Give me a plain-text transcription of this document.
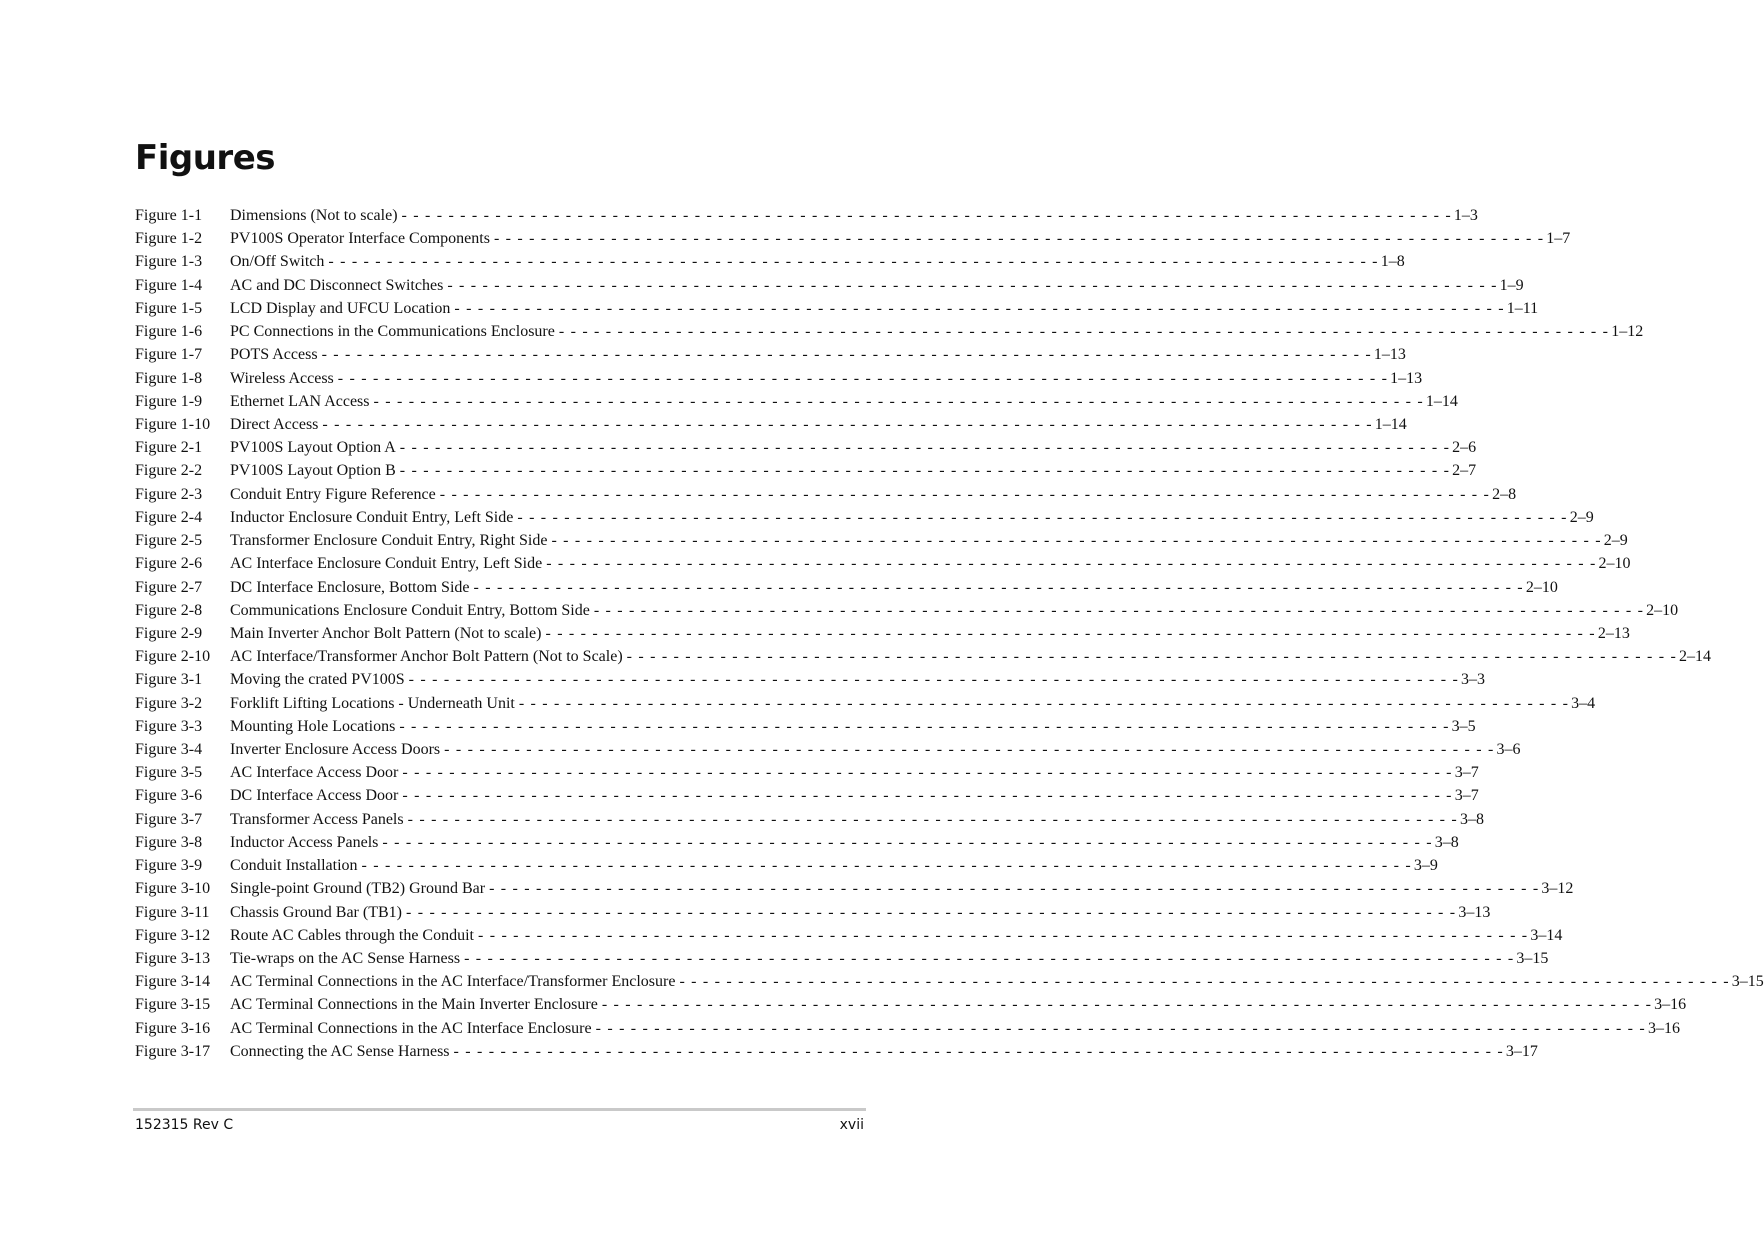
Figures
Figure 1-1	Dimensions (Not to scale) - - - - - - - - - - - - - - - - - - - - - - - - - - - - - - - - - - - - - - - - - - - - - - - - - - - - - - - - - - - - - - - - - - - - - - - - - - - - - - - - - - - - - - - - - - 1–3
Figure 1-2	PV100S Operator Interface Components - - - - - - - - - - - - - - - - - - - - - - - - - - - - - - - - - - - - - - - - - - - - - - - - - - - - - - - - - - - - - - - - - - - - - - - - - - - - - - - - - - - - - - - - - - 1–7
Figure 1-3	On/Off Switch - - - - - - - - - - - - - - - - - - - - - - - - - - - - - - - - - - - - - - - - - - - - - - - - - - - - - - - - - - - - - - - - - - - - - - - - - - - - - - - - - - - - - - - - - - 1–8
Figure 1-4	AC and DC Disconnect Switches - - - - - - - - - - - - - - - - - - - - - - - - - - - - - - - - - - - - - - - - - - - - - - - - - - - - - - - - - - - - - - - - - - - - - - - - - - - - - - - - - - - - - - - - - - 1–9
Figure 1-5	LCD Display and UFCU Location - - - - - - - - - - - - - - - - - - - - - - - - - - - - - - - - - - - - - - - - - - - - - - - - - - - - - - - - - - - - - - - - - - - - - - - - - - - - - - - - - - - - - - - - - - 1–11
Figure 1-6	PC Connections in the Communications Enclosure - - - - - - - - - - - - - - - - - - - - - - - - - - - - - - - - - - - - - - - - - - - - - - - - - - - - - - - - - - - - - - - - - - - - - - - - - - - - - - - - - - - - - - - - - - 1–12
Figure 1-7	POTS Access - - - - - - - - - - - - - - - - - - - - - - - - - - - - - - - - - - - - - - - - - - - - - - - - - - - - - - - - - - - - - - - - - - - - - - - - - - - - - - - - - - - - - - - - - - 1–13
Figure 1-8	Wireless Access - - - - - - - - - - - - - - - - - - - - - - - - - - - - - - - - - - - - - - - - - - - - - - - - - - - - - - - - - - - - - - - - - - - - - - - - - - - - - - - - - - - - - - - - - - 1–13
Figure 1-9	Ethernet LAN Access - - - - - - - - - - - - - - - - - - - - - - - - - - - - - - - - - - - - - - - - - - - - - - - - - - - - - - - - - - - - - - - - - - - - - - - - - - - - - - - - - - - - - - - - - - 1–14
Figure 1-10	Direct Access - - - - - - - - - - - - - - - - - - - - - - - - - - - - - - - - - - - - - - - - - - - - - - - - - - - - - - - - - - - - - - - - - - - - - - - - - - - - - - - - - - - - - - - - - - 1–14
Figure 2-1	PV100S Layout Option A - - - - - - - - - - - - - - - - - - - - - - - - - - - - - - - - - - - - - - - - - - - - - - - - - - - - - - - - - - - - - - - - - - - - - - - - - - - - - - - - - - - - - - - - - - 2–6
Figure 2-2	PV100S Layout Option B - - - - - - - - - - - - - - - - - - - - - - - - - - - - - - - - - - - - - - - - - - - - - - - - - - - - - - - - - - - - - - - - - - - - - - - - - - - - - - - - - - - - - - - - - - 2–7
Figure 2-3	Conduit Entry Figure Reference - - - - - - - - - - - - - - - - - - - - - - - - - - - - - - - - - - - - - - - - - - - - - - - - - - - - - - - - - - - - - - - - - - - - - - - - - - - - - - - - - - - - - - - - - - 2–8
Figure 2-4	Inductor Enclosure Conduit Entry, Left Side - - - - - - - - - - - - - - - - - - - - - - - - - - - - - - - - - - - - - - - - - - - - - - - - - - - - - - - - - - - - - - - - - - - - - - - - - - - - - - - - - - - - - - - - - - 2–9
Figure 2-5	Transformer Enclosure Conduit Entry, Right Side - - - - - - - - - - - - - - - - - - - - - - - - - - - - - - - - - - - - - - - - - - - - - - - - - - - - - - - - - - - - - - - - - - - - - - - - - - - - - - - - - - - - - - - - - - 2–9
Figure 2-6	AC Interface Enclosure Conduit Entry, Left Side - - - - - - - - - - - - - - - - - - - - - - - - - - - - - - - - - - - - - - - - - - - - - - - - - - - - - - - - - - - - - - - - - - - - - - - - - - - - - - - - - - - - - - - - - - 2–10
Figure 2-7	DC Interface Enclosure, Bottom Side - - - - - - - - - - - - - - - - - - - - - - - - - - - - - - - - - - - - - - - - - - - - - - - - - - - - - - - - - - - - - - - - - - - - - - - - - - - - - - - - - - - - - - - - - - 2–10
Figure 2-8	Communications Enclosure Conduit Entry, Bottom Side - - - - - - - - - - - - - - - - - - - - - - - - - - - - - - - - - - - - - - - - - - - - - - - - - - - - - - - - - - - - - - - - - - - - - - - - - - - - - - - - - - - - - - - - - - 2–10
Figure 2-9	Main Inverter Anchor Bolt Pattern (Not to scale) - - - - - - - - - - - - - - - - - - - - - - - - - - - - - - - - - - - - - - - - - - - - - - - - - - - - - - - - - - - - - - - - - - - - - - - - - - - - - - - - - - - - - - - - - - 2–13
Figure 2-10	AC Interface/Transformer Anchor Bolt Pattern (Not to Scale) - - - - - - - - - - - - - - - - - - - - - - - - - - - - - - - - - - - - - - - - - - - - - - - - - - - - - - - - - - - - - - - - - - - - - - - - - - - - - - - - - - - - - - - - - - 2–14
Figure 3-1	Moving the crated PV100S - - - - - - - - - - - - - - - - - - - - - - - - - - - - - - - - - - - - - - - - - - - - - - - - - - - - - - - - - - - - - - - - - - - - - - - - - - - - - - - - - - - - - - - - - - 3–3
Figure 3-2	Forklift Lifting Locations - Underneath Unit - - - - - - - - - - - - - - - - - - - - - - - - - - - - - - - - - - - - - - - - - - - - - - - - - - - - - - - - - - - - - - - - - - - - - - - - - - - - - - - - - - - - - - - - - - 3–4
Figure 3-3	Mounting Hole Locations - - - - - - - - - - - - - - - - - - - - - - - - - - - - - - - - - - - - - - - - - - - - - - - - - - - - - - - - - - - - - - - - - - - - - - - - - - - - - - - - - - - - - - - - - - 3–5
Figure 3-4	Inverter Enclosure Access Doors - - - - - - - - - - - - - - - - - - - - - - - - - - - - - - - - - - - - - - - - - - - - - - - - - - - - - - - - - - - - - - - - - - - - - - - - - - - - - - - - - - - - - - - - - - 3–6
Figure 3-5	AC Interface Access Door - - - - - - - - - - - - - - - - - - - - - - - - - - - - - - - - - - - - - - - - - - - - - - - - - - - - - - - - - - - - - - - - - - - - - - - - - - - - - - - - - - - - - - - - - - 3–7
Figure 3-6	DC Interface Access Door - - - - - - - - - - - - - - - - - - - - - - - - - - - - - - - - - - - - - - - - - - - - - - - - - - - - - - - - - - - - - - - - - - - - - - - - - - - - - - - - - - - - - - - - - - 3–7
Figure 3-7	Transformer Access Panels - - - - - - - - - - - - - - - - - - - - - - - - - - - - - - - - - - - - - - - - - - - - - - - - - - - - - - - - - - - - - - - - - - - - - - - - - - - - - - - - - - - - - - - - - - 3–8
Figure 3-8	Inductor Access Panels - - - - - - - - - - - - - - - - - - - - - - - - - - - - - - - - - - - - - - - - - - - - - - - - - - - - - - - - - - - - - - - - - - - - - - - - - - - - - - - - - - - - - - - - - - 3–8
Figure 3-9	Conduit Installation - - - - - - - - - - - - - - - - - - - - - - - - - - - - - - - - - - - - - - - - - - - - - - - - - - - - - - - - - - - - - - - - - - - - - - - - - - - - - - - - - - - - - - - - - - 3–9
Figure 3-10	Single-point Ground (TB2) Ground Bar - - - - - - - - - - - - - - - - - - - - - - - - - - - - - - - - - - - - - - - - - - - - - - - - - - - - - - - - - - - - - - - - - - - - - - - - - - - - - - - - - - - - - - - - - - 3–12
Figure 3-11	Chassis Ground Bar (TB1) - - - - - - - - - - - - - - - - - - - - - - - - - - - - - - - - - - - - - - - - - - - - - - - - - - - - - - - - - - - - - - - - - - - - - - - - - - - - - - - - - - - - - - - - - - 3–13
Figure 3-12	Route AC Cables through the Conduit - - - - - - - - - - - - - - - - - - - - - - - - - - - - - - - - - - - - - - - - - - - - - - - - - - - - - - - - - - - - - - - - - - - - - - - - - - - - - - - - - - - - - - - - - - 3–14
Figure 3-13	Tie-wraps on the AC Sense Harness - - - - - - - - - - - - - - - - - - - - - - - - - - - - - - - - - - - - - - - - - - - - - - - - - - - - - - - - - - - - - - - - - - - - - - - - - - - - - - - - - - - - - - - - - - 3–15
Figure 3-14	AC Terminal Connections in the AC Interface/Transformer Enclosure - - - - - - - - - - - - - - - - - - - - - - - - - - - - - - - - - - - - - - - - - - - - - - - - - - - - - - - - - - - - - - - - - - - - - - - - - - - - - - - - - - - - - - - - - - 3–15
Figure 3-15	AC Terminal Connections in the Main Inverter Enclosure - - - - - - - - - - - - - - - - - - - - - - - - - - - - - - - - - - - - - - - - - - - - - - - - - - - - - - - - - - - - - - - - - - - - - - - - - - - - - - - - - - - - - - - - - - 3–16
Figure 3-16	AC Terminal Connections in the AC Interface Enclosure - - - - - - - - - - - - - - - - - - - - - - - - - - - - - - - - - - - - - - - - - - - - - - - - - - - - - - - - - - - - - - - - - - - - - - - - - - - - - - - - - - - - - - - - - - 3–16
Figure 3-17	Connecting the AC Sense Harness - - - - - - - - - - - - - - - - - - - - - - - - - - - - - - - - - - - - - - - - - - - - - - - - - - - - - - - - - - - - - - - - - - - - - - - - - - - - - - - - - - - - - - - - - - 3–17
152315 Rev C	xvii
